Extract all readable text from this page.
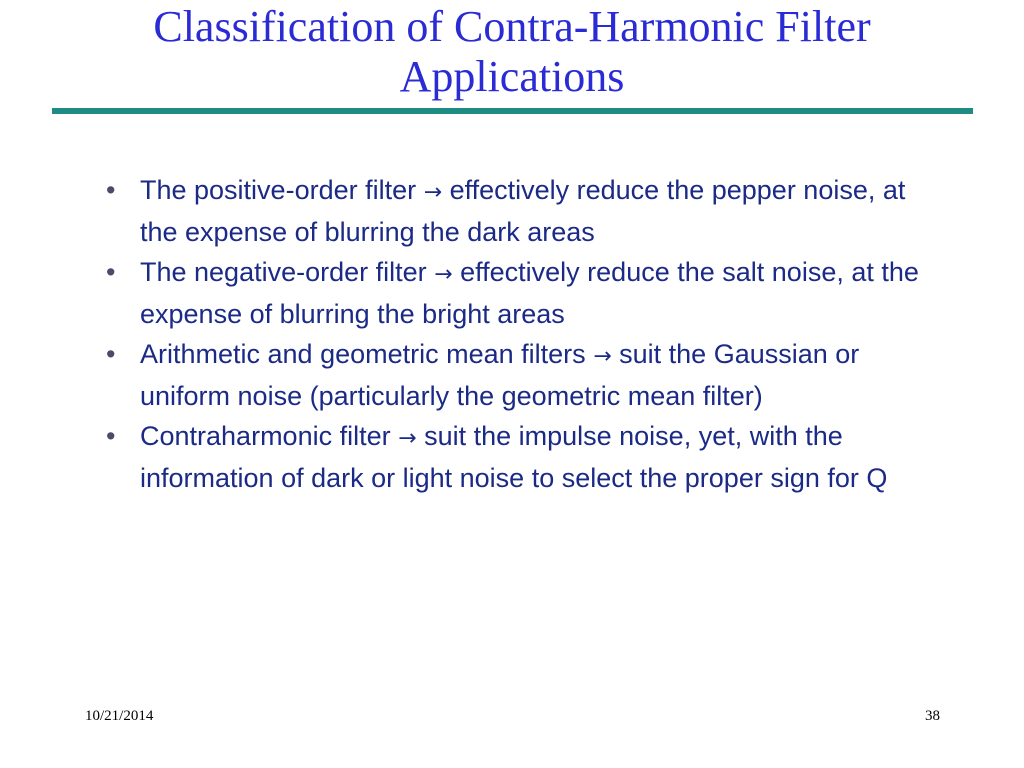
Classification of Contra-Harmonic Filter
Applications
• The positive-order filter → effectively reduce the pepper noise, at the expense of blurring the dark areas
• The negative-order filter → effectively reduce the salt noise, at the expense of blurring the bright areas
• Arithmetic and geometric mean filters → suit the Gaussian or uniform noise (particularly the geometric mean filter)
• Contraharmonic filter → suit the impulse noise, yet, with the information of dark or light noise to select the proper sign for Q
10/21/2014	38
